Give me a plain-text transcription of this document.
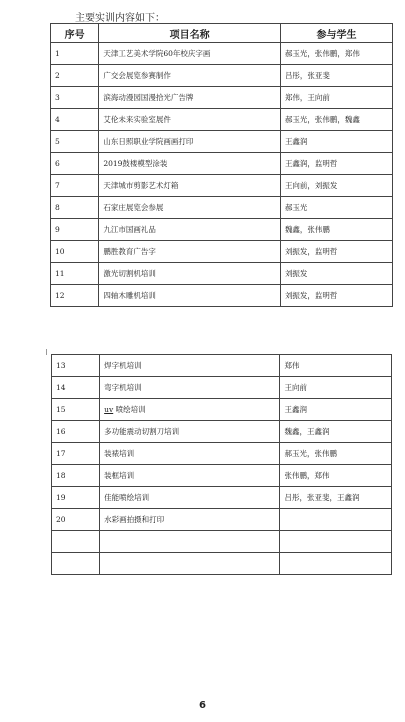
主要实训内容如下：
序号	项目名称	参与学生
1	天津工艺美术学院60年校庆字画	郝玉光，张伟鹏，郑伟
2	广交会展览参赛制作	吕彤，张亚斐
3	滨海动漫园国漫拾光广告牌	郑伟，王向前
4	艾伦未来实验室展件	郝玉光，张伟鹏，魏鑫
5	山东日照职业学院画画打印	王鑫润
6	2019鼓楼模型涂装	王鑫润，监明哲
7	天津城市剪影艺术灯箱	王向前，刘振发
8	石家庄展览会参展	郝玉光
9	九江市国画礼品	魏鑫，张伟鹏
10	鹏胜教育广告字	刘振发，监明哲
11	激光切割机培训	刘振发
12	四轴木雕机培训	刘振发，监明哲
13	焊字机培训	郑伟
14	弯字机培训	王向前
15	uv 喷绘培训	王鑫润
16	多功能震动切割刀培训	魏鑫，王鑫润
17	装裱培训	郝玉光，张伟鹏
18	装框培训	张伟鹏，郑伟
19	佳能喷绘培训	吕彤，张亚斐，王鑫润
20	水彩画拍摄和打印	

6
